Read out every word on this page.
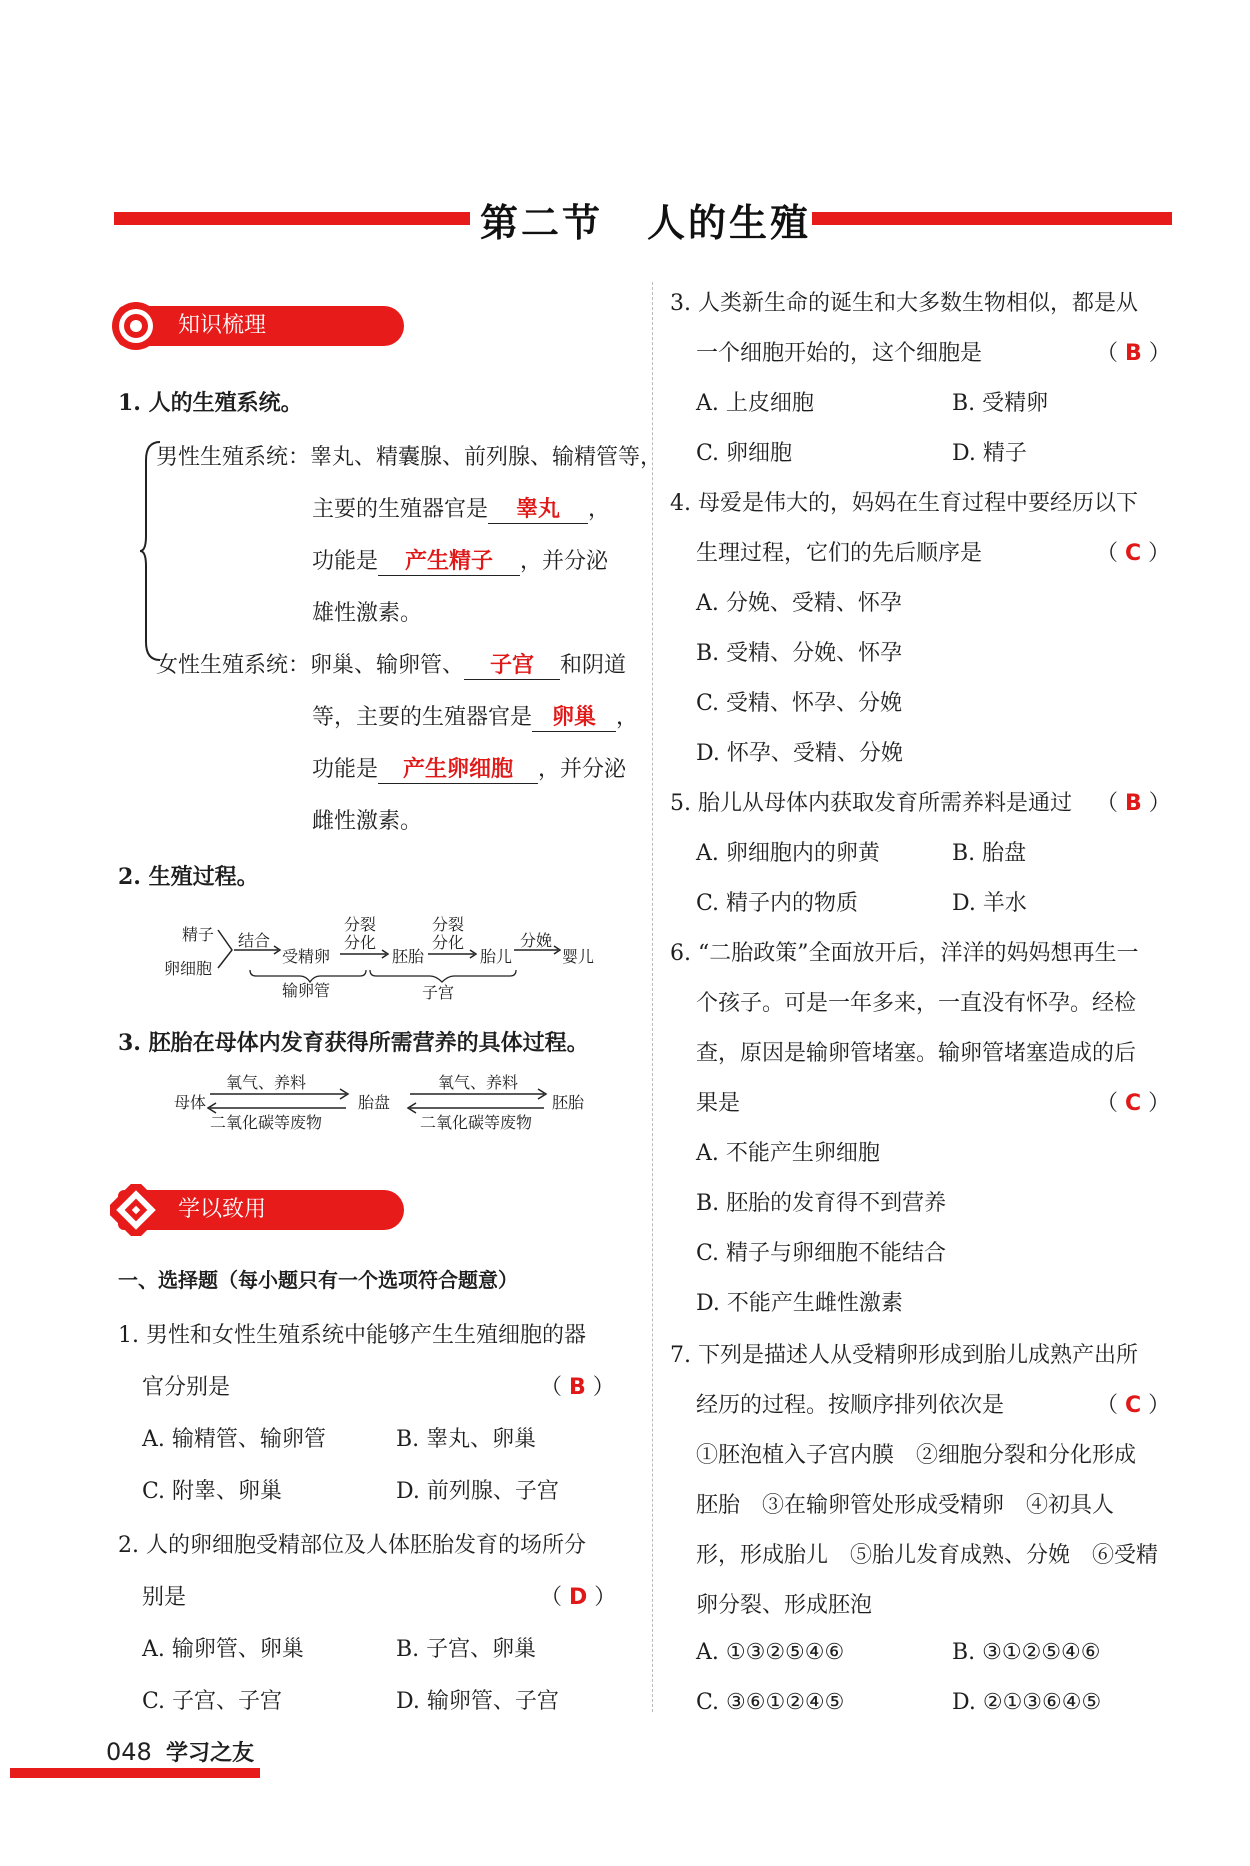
第二节 人的生殖
知识梳理
1. 人的生殖系统。
男性生殖系统：睾丸、精囊腺、前列腺、输精管等，
主要的生殖器官是 睾丸 ，
功能是 产生精子 ，并分泌
雄性激素。
女性生殖系统：卵巢、输卵管、 子宫 和阴道
等，主要的生殖器官是 卵巢 ，
功能是 产生卵细胞 ，并分泌
雌性激素。
2. 生殖过程。
精子
卵细胞
结合
受精卵
分裂
分化
胚胎
分裂
分化
胎儿
分娩
婴儿
输卵管	子宫
3. 胚胎在母体内发育获得所需营养的具体过程。
母体
氧气、养料
二氧化碳等废物
胎盘
氧气、养料
二氧化碳等废物
胚胎
学以致用
一、选择题（每小题只有一个选项符合题意）
1. 男性和女性生殖系统中能够产生生殖细胞的器
官分别是	（ B ）
A. 输精管、输卵管	B. 睾丸、卵巢
C. 附睾、卵巢	D. 前列腺、子宫
2. 人的卵细胞受精部位及人体胚胎发育的场所分
别是	（ D ）
A. 输卵管、卵巢	B. 子宫、卵巢
C. 子宫、子宫	D. 输卵管、子宫
3. 人类新生命的诞生和大多数生物相似，都是从
一个细胞开始的，这个细胞是	（ B ）
A. 上皮细胞	B. 受精卵
C. 卵细胞	D. 精子
4. 母爱是伟大的，妈妈在生育过程中要经历以下
生理过程，它们的先后顺序是	（ C ）
A. 分娩、受精、怀孕
B. 受精、分娩、怀孕
C. 受精、怀孕、分娩
D. 怀孕、受精、分娩
5. 胎儿从母体内获取发育所需养料是通过 （ B ）
A. 卵细胞内的卵黄	B. 胎盘
C. 精子内的物质	D. 羊水
6. “二胎政策”全面放开后，洋洋的妈妈想再生一
个孩子。可是一年多来，一直没有怀孕。经检
查，原因是输卵管堵塞。输卵管堵塞造成的后
果是	（ C ）
A. 不能产生卵细胞
B. 胚胎的发育得不到营养
C. 精子与卵细胞不能结合
D. 不能产生雌性激素
7. 下列是描述人从受精卵形成到胎儿成熟产出所
经历的过程。按顺序排列依次是	（ C ）
①胚泡植入子宫内膜　②细胞分裂和分化形成
胚胎　③在输卵管处形成受精卵　④初具人
形，形成胎儿　⑤胎儿发育成熟、分娩　⑥受精
卵分裂、形成胚泡
A. ①③②⑤④⑥	B. ③①②⑤④⑥
C. ③⑥①②④⑤	D. ②①③⑥④⑤
048 学习之友
